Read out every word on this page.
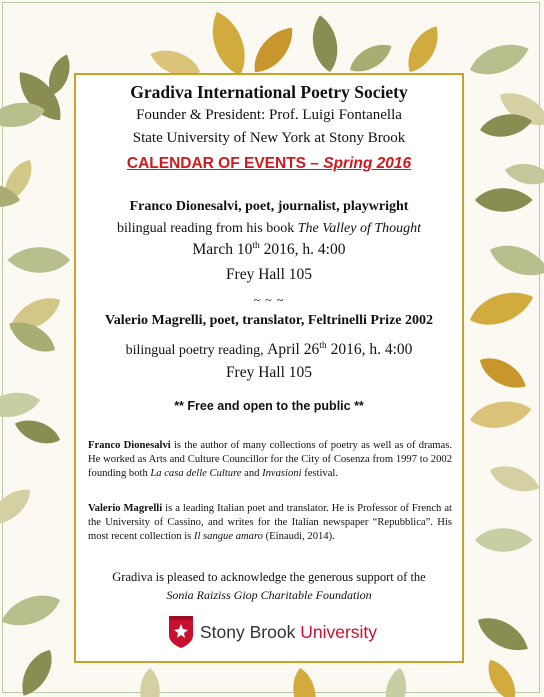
Gradiva International Poetry Society
Founder & President: Prof. Luigi Fontanella
State University of New York at Stony Brook
CALENDAR OF EVENTS – Spring 2016
Franco Dionesalvi, poet, journalist, playwright
bilingual reading from his book The Valley of Thought
March 10th 2016, h. 4:00
Frey Hall 105
~ ~ ~
Valerio Magrelli, poet, translator, Feltrinelli Prize 2002
bilingual poetry reading, April 26th 2016, h. 4:00
Frey Hall 105
** Free and open to the public **
Franco Dionesalvi is the author of many collections of poetry as well as of dramas. He worked as Arts and Culture Councillor for the City of Cosenza from 1997 to 2002 founding both La casa delle Culture and Invasioni festival.
Valerio Magrelli is a leading Italian poet and translator. He is Professor of French at the University of Cassino, and writes for the Italian newspaper “Repubblica”. His most recent collection is Il sangue amaro (Einaudi, 2014).
Gradiva is pleased to acknowledge the generous support of the
Sonia Raiziss Giop Charitable Foundation
Stony Brook University
